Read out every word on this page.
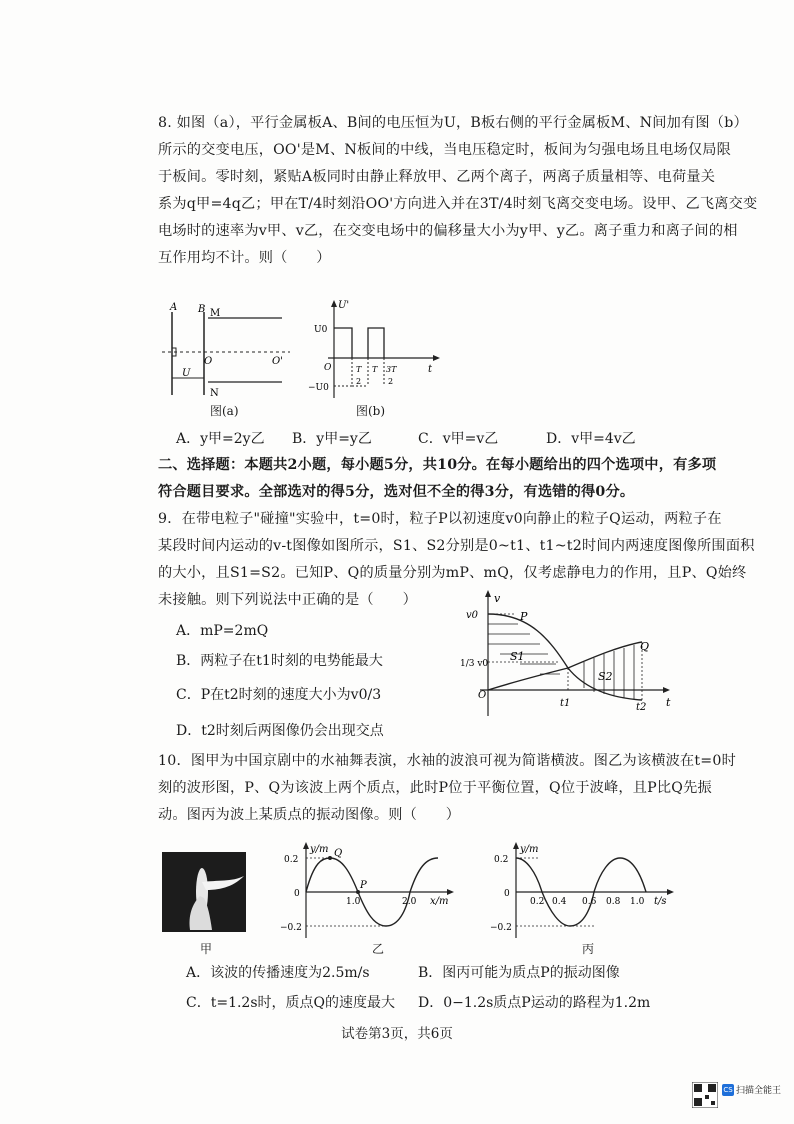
8. 如图（a），平行金属板A、B间的电压恒为U，B板右侧的平行金属板M、N间加有图（b）
所示的交变电压，OO'是M、N板间的中线，当电压稳定时，板间为匀强电场且电场仅局限
于板间。零时刻，紧贴A板同时由静止释放甲、乙两个离子，两离子质量相等、电荷量关
系为q甲=4q乙；甲在T/4时刻沿OO'方向进入并在3T/4时刻飞离交变电场。设甲、乙飞离交变
电场时的速率为v甲、v乙，在交变电场中的偏移量大小为y甲、y乙。离子重力和离子间的相
互作用均不计。则（　　）
A B M
N
O	O'
U
图(a)
U'
U0
O
−U0
T
2
T 3T
2
t
图(b)
A．y甲=2y乙 B．y甲=y乙	C．v甲=v乙	D．v甲=4v乙
二、选择题：本题共2小题，每小题5分，共10分。在每小题给出的四个选项中，有多项
符合题目要求。全部选对的得5分，选对但不全的得3分，有选错的得0分。
9．在带电粒子"碰撞"实验中，t=0时，粒子P以初速度v0向静止的粒子Q运动，两粒子在
某段时间内运动的v-t图像如图所示，S1、S2分别是0~t1、t1~t2时间内两速度图像所围面积
的大小，且S1=S2。已知P、Q的质量分别为mP、mQ，仅考虑静电力的作用，且P、Q始终
未接触。则下列说法中正确的是（　　）
A．mP=2mQ
B．两粒子在t1时刻的电势能最大
C．P在t2时刻的速度大小为v0/3
D．t2时刻后两图像仍会出现交点
v
v0	P
S1
1/3 v0
Q
S2
O
t1	t2 t
10．图甲为中国京剧中的水袖舞表演，水袖的波浪可视为简谐横波。图乙为该横波在t=0时
刻的波形图，P、Q为该波上两个质点，此时P位于平衡位置，Q位于波峰，且P比Q先振
动。图丙为波上某质点的振动图像。则（　　）
甲
y/m
0.2
0
−0.2
1.0	2.0 x/m
Q
P
乙
y/m
0.2
0
−0.2
0.2 0.4 0.6 0.8 1.0 t/s
丙
A．该波的传播速度为2.5m/s	B．图丙可能为质点P的振动图像
C．t=1.2s时，质点Q的速度最大 D．0−1.2s质点P运动的路程为1.2m
试卷第3页，共6页
CS 扫描全能王
